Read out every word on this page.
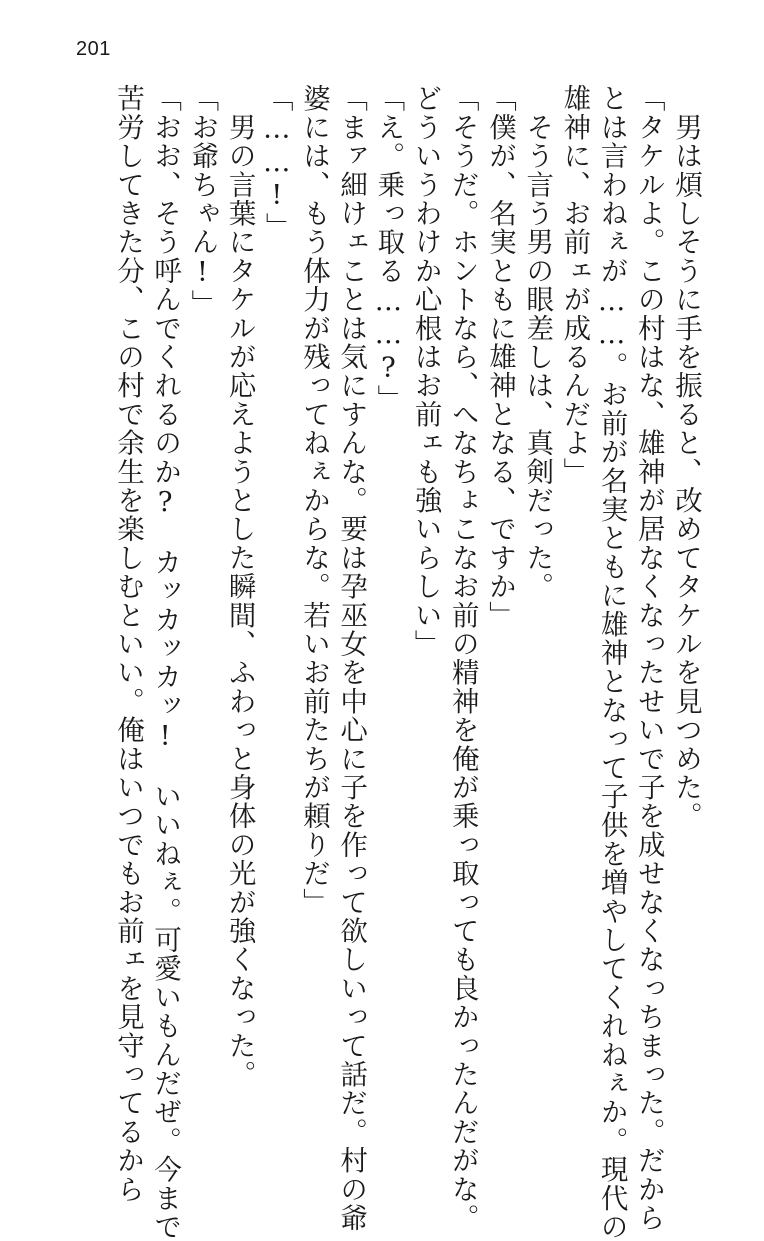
201
　男は煩しそうに手を振ると、改めてタケルを見つめた。
「タケルよ。この村はな、雄神が居なくなったせいで子を成せなくなっちまった。だから
とは言わねぇが……。お前が名実ともに雄神となって子供を増やしてくれねぇか。現代の
雄神に、お前ェが成るんだよ」
　そう言う男の眼差しは、真剣だった。
「僕が、名実ともに雄神となる、ですか」
「そうだ。ホントなら、へなちょこなお前の精神を俺が乗っ取っても良かったんだがな。
どういうわけか心根はお前ェも強いらしい」
「え。乗っ取る……?」
「まァ細けェことは気にすんな。要は孕巫女を中心に子を作って欲しいって話だ。村の爺
婆には、もう体力が残ってねぇからな。若いお前たちが頼りだ」
「……!」
　男の言葉にタケルが応えようとした瞬間、ふわっと身体の光が強くなった。
「お爺ちゃん!」
「おお、そう呼んでくれるのか?　カッカッカッ!　いいねぇ。可愛いもんだぜ。今まで
苦労してきた分、この村で余生を楽しむといい。俺はいつでもお前ェを見守ってるから
